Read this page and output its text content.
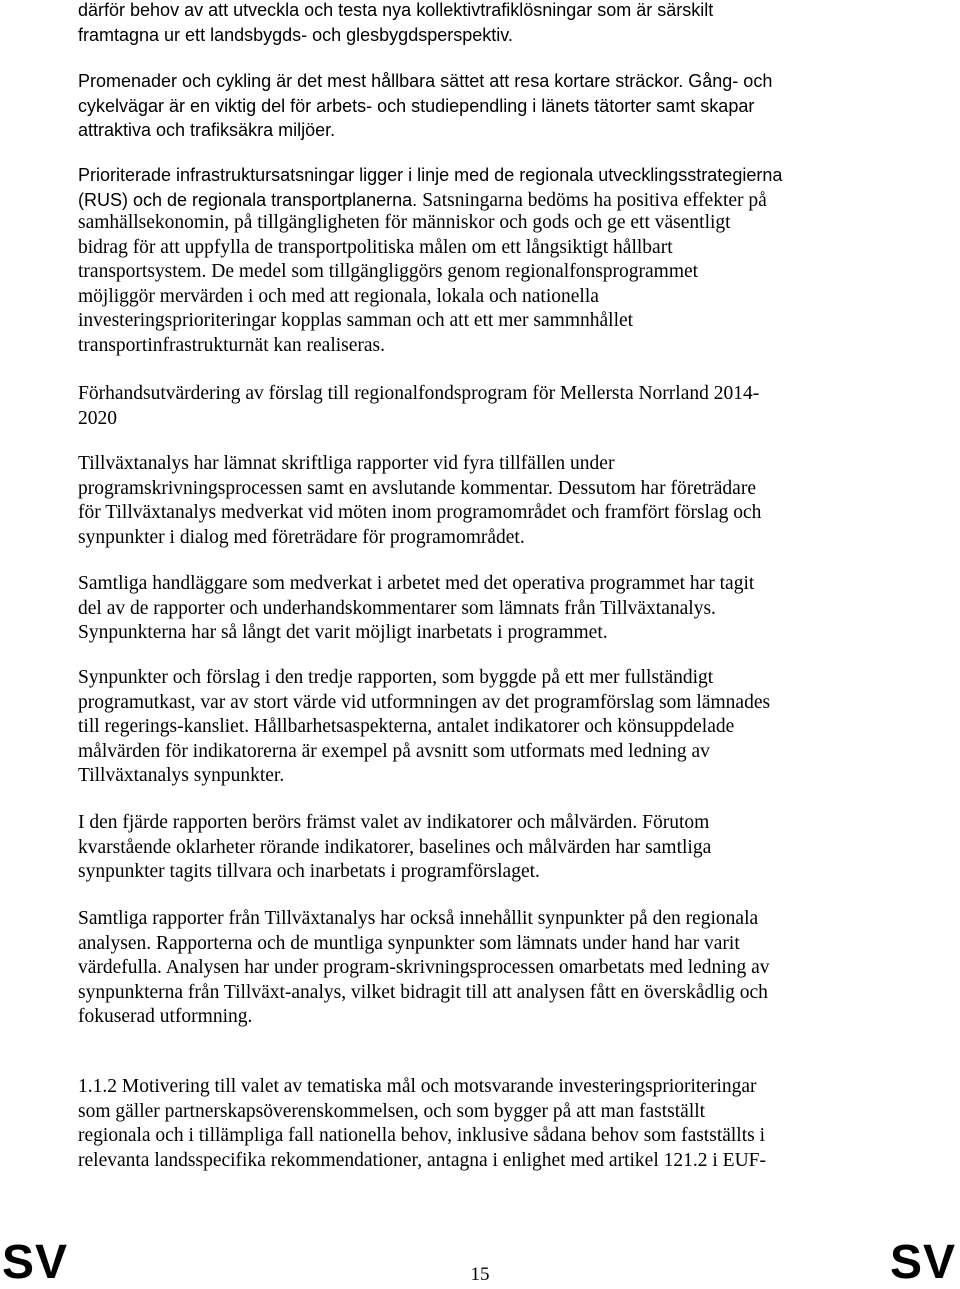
därför behov av att utveckla och testa nya kollektivtrafiklösningar som är särskilt
framtagna ur ett landsbygds- och glesbygdsperspektiv.

Promenader och cykling är det mest hållbara sättet att resa kortare sträckor. Gång- och
cykelvägar är en viktig del för arbets- och studiependling i länets tätorter samt skapar
attraktiva och trafiksäkra miljöer.

Prioriterade infrastruktursatsningar ligger i linje med de regionala utvecklingsstrategierna
(RUS) och de regionala transportplanerna. Satsningarna bedöms ha positiva effekter på

samhällsekonomin, på tillgängligheten för människor och gods och ge ett väsentligt
bidrag för att uppfylla de transportpolitiska målen om ett långsiktigt hållbart
transportsystem. De medel som tillgängliggörs genom regionalfonsprogrammet
möjliggör mervärden i och med att regionala, lokala och nationella
investeringsprioriteringar kopplas samman och att ett mer sammnhållet
transportinfrastrukturnät kan realiseras.

Förhandsutvärdering av förslag till regionalfondsprogram för Mellersta Norrland 2014-
2020

Tillväxtanalys har lämnat skriftliga rapporter vid fyra tillfällen under
programskrivningsprocessen samt en avslutande kommentar. Dessutom har företrädare
för Tillväxtanalys medverkat vid möten inom programområdet och framfört förslag och
synpunkter i dialog med företrädare för programområdet.

Samtliga handläggare som medverkat i arbetet med det operativa programmet har tagit
del av de rapporter och underhandskommentarer som lämnats från Tillväxtanalys.
Synpunkterna har så långt det varit möjligt inarbetats i programmet.

Synpunkter och förslag i den tredje rapporten, som byggde på ett mer fullständigt
programutkast, var av stort värde vid utformningen av det programförslag som lämnades
till regerings-kansliet. Hållbarhetsaspekterna, antalet indikatorer och könsuppdelade
målvärden för indikatorerna är exempel på avsnitt som utformats med ledning av
Tillväxtanalys synpunkter.

I den fjärde rapporten berörs främst valet av indikatorer och målvärden. Förutom
kvarstående oklarheter rörande indikatorer, baselines och målvärden har samtliga
synpunkter tagits tillvara och inarbetats i programförslaget.

Samtliga rapporter från Tillväxtanalys har också innehållit synpunkter på den regionala
analysen. Rapporterna och de muntliga synpunkter som lämnats under hand har varit
värdefulla. Analysen har under program-skrivningsprocessen omarbetats med ledning av
synpunkterna från Tillväxt-analys, vilket bidragit till att analysen fått en överskådlig och
fokuserad utformning.

1.1.2 Motivering till valet av tematiska mål och motsvarande investeringsprioriteringar
som gäller partnerskapsöverenskommelsen, och som bygger på att man fastställt
regionala och i tillämpliga fall nationella behov, inklusive sådana behov som fastställts i
relevanta landsspecifika rekommendationer, antagna i enlighet med artikel 121.2 i EUF-

SV	SV
15
